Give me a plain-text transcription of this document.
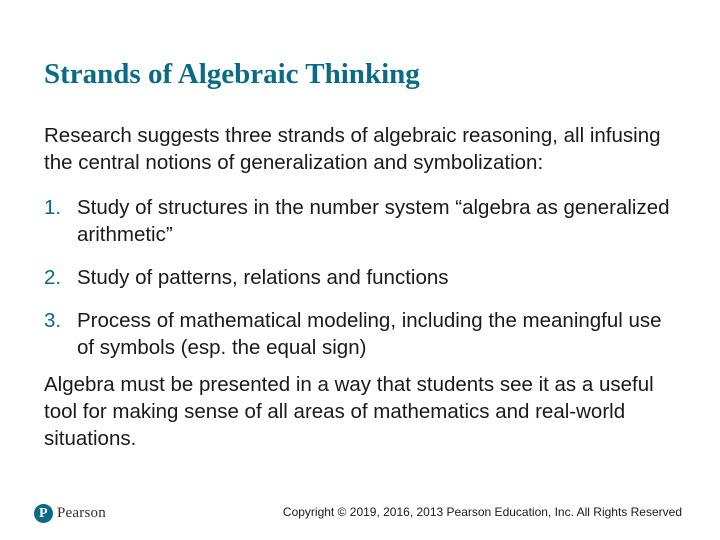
Strands of Algebraic Thinking

Research suggests three strands of algebraic reasoning, all infusing the central notions of generalization and symbolization:

1. Study of structures in the number system “algebra as generalized arithmetic”
2. Study of patterns, relations and functions
3. Process of mathematical modeling, including the meaningful use of symbols (esp. the equal sign)

Algebra must be presented in a way that students see it as a useful tool for making sense of all areas of mathematics and real-world situations.

P
Pearson	Copyright © 2019, 2016, 2013 Pearson Education, Inc. All Rights Reserved
